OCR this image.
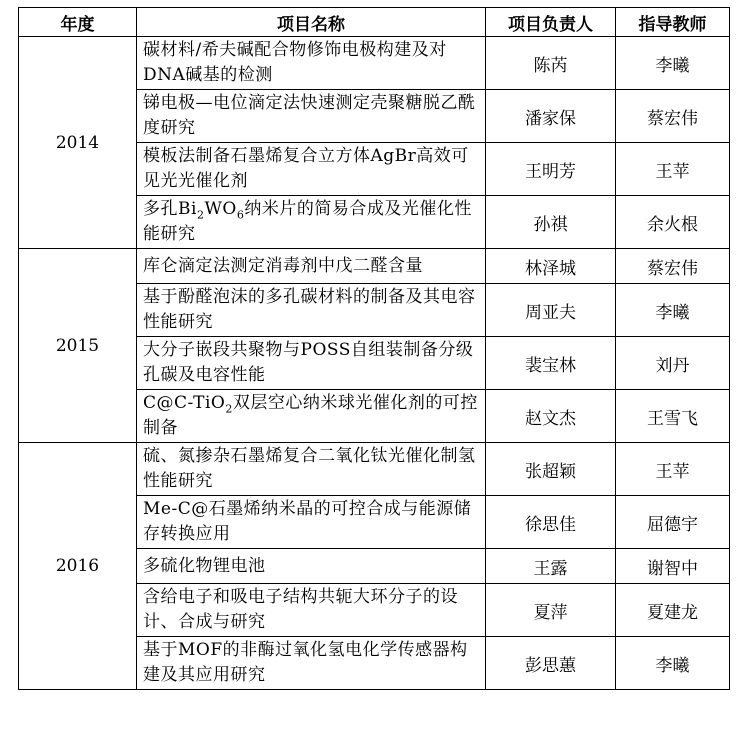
年度	项目名称	项目负责人	指导教师
2014	碳材料/希夫碱配合物修饰电极构建及对DNA碱基的检测	陈芮	李曦
	锑电极—电位滴定法快速测定壳聚糖脱乙酰度研究	潘家保	蔡宏伟
	模板法制备石墨烯复合立方体AgBr高效可见光光催化剂	王明芳	王苹
	多孔$Bi_2WO_6$纳米片的简易合成及光催化性能研究	孙祺	余火根
2015	库仑滴定法测定消毒剂中戊二醛含量	林泽城	蔡宏伟
	基于酚醛泡沫的多孔碳材料的制备及其电容性能研究	周亚夫	李曦
	大分子嵌段共聚物与POSS自组装制备分级孔碳及电容性能	裴宝林	刘丹
	C@C-TiO$_2$双层空心纳米球光催化剂的可控制备	赵文杰	王雪飞
2016	硫、氮掺杂石墨烯复合二氧化钛光催化制氢性能研究	张超颖	王苹
	Me-C@石墨烯纳米晶的可控合成与能源储存转换应用	徐思佳	屈德宇
	多硫化物锂电池	王露	谢智中
	含给电子和吸电子结构共轭大环分子的设计、合成与研究	夏萍	夏建龙
	基于MOF的非酶过氧化氢电化学传感器构建及其应用研究	彭思蕙	李曦
